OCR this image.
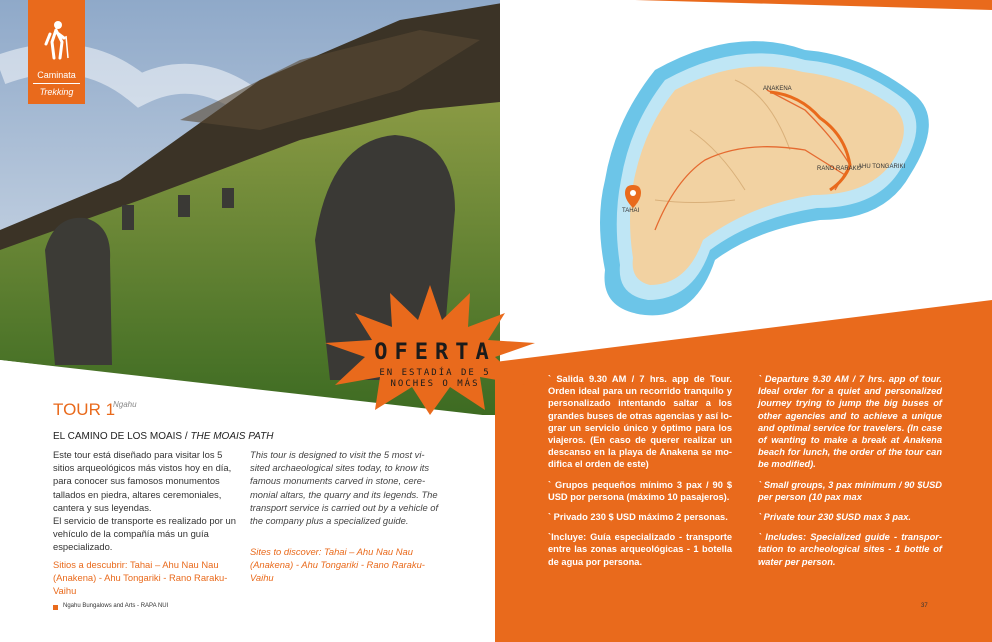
Caminata
Trekking	ANAKENA
RANO RARAKU
AHU TONGARIKI
TAHAI
OFERTA
EN ESTADÍA DE 5 NOCHES O MÁS
TOUR 1
Ngahu
EL CAMINO DE LOS MOAIS / THE MOAIS PATH
Este tour está diseñado para visitar los 5 sitios arqueológicos más vistos hoy en día, para conocer sus famosos monumentos tallados en piedra, altares ceremoniales, cantera y sus leyendas.
El servicio de transporte es realizado por un vehículo de la compañía más un guía especializado.
Sitios a descubrir: Tahai – Ahu Nau Nau (Anakena) - Ahu Tongariki - Rano Raraku-Vaihu
This tour is designed to visit the 5 most vi- sited archaeological sites today, to know its famous monuments carved in stone, cere- monial altars, the quarry and its legends. The transport service is carried out by a vehicle of the company plus a specialized guide.
Sites to discover: Tahai – Ahu Nau Nau (Anakena) - Ahu Tongariki - Rano Raraku- Vaihu
Ngahu Bungalows and Arts - RAPA NUI

` Salida 9.30 AM / 7 hrs. app de Tour. Orden ideal para un recorrido tranquilo y personalizado intentando saltar a los grandes buses de otras agencias y así lo- grar un servicio único y óptimo para los viajeros. (En caso de querer realizar un descanso en la playa de Anakena se mo- difica el orden de este)

` Grupos pequeños mínimo 3 pax / 90 $ USD por persona (máximo 10 pasajeros).

` Privado 230 $ USD máximo 2 personas.

`Incluye: Guía especializado - transporte entre las zonas arqueológicas - 1 botella de agua por persona.

` Departure 9.30 AM / 7 hrs. app of tour. Ideal order for a quiet and personalized journey trying to jump the big buses of other agencies and to achieve a unique and optimal service for travelers. (In case of wanting to make a break at Anakena beach for lunch, the order of the tour can be modified).

` Small groups, 3 pax minimum / 90 $USD per person (10 pax max

` Private tour 230 $USD max 3 pax.

` Includes: Specialized guide - transpor- tation to archeological sites - 1 bottle of water per person.

37
